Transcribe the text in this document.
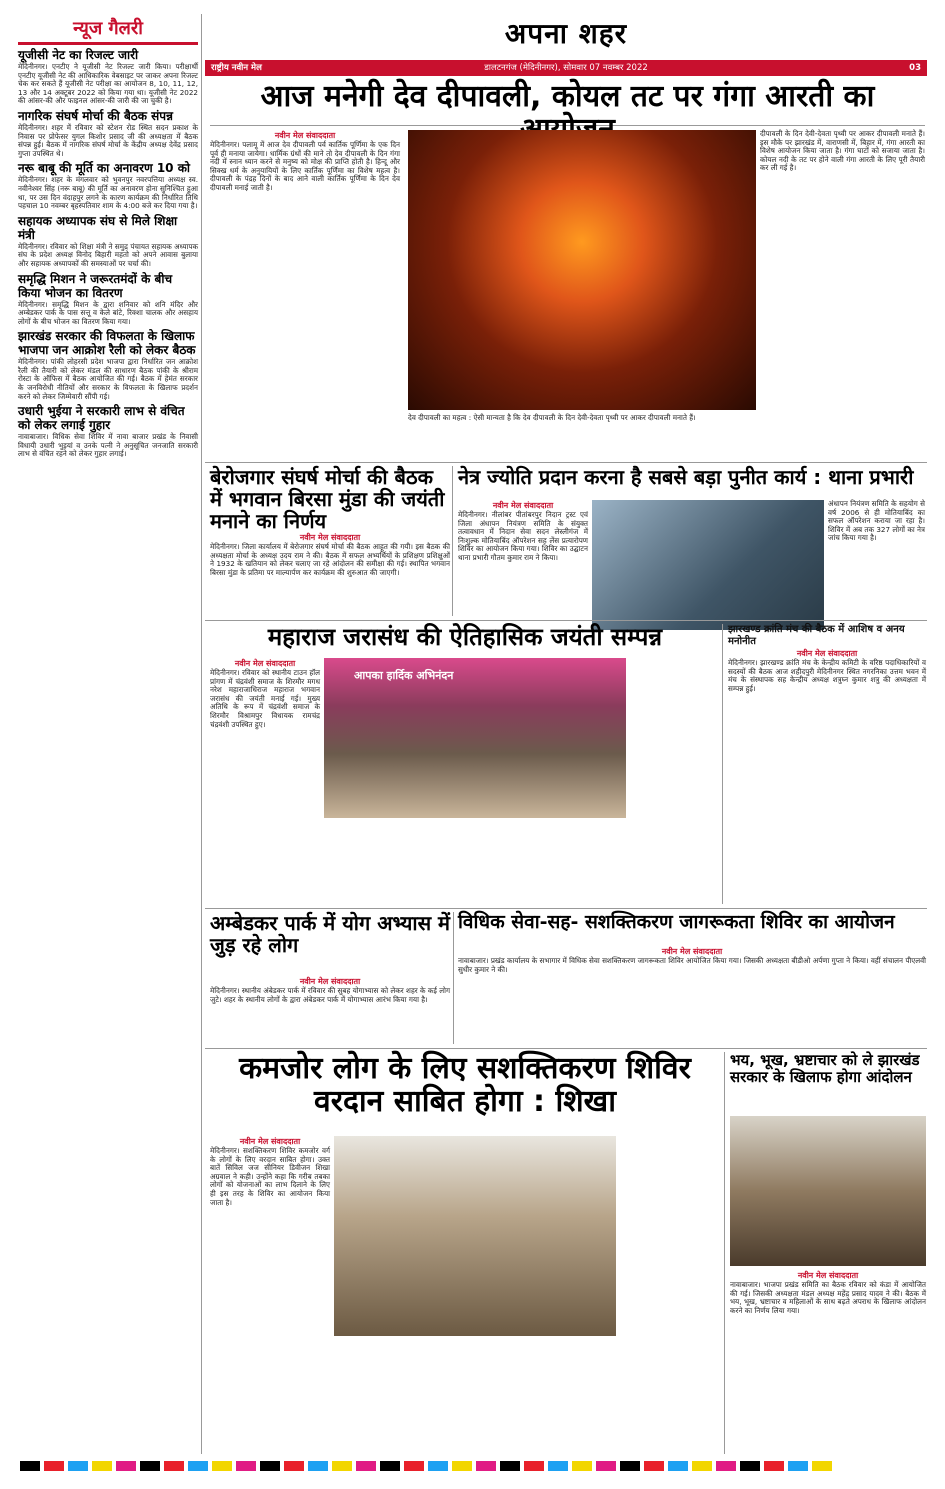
न्यूज गैलरी
यूजीसी नेट का रिजल्ट जारी
मेदिनीनगर। एनटीए ने यूजीसी नेट रिजल्ट जारी किया। परीक्षार्थी एनटीए यूजीसी नेट की आधिकारिक वेबसाइट पर जाकर अपना रिजल्ट चेक कर सकते हैं यूजीसी नेट परीक्षा का आयोजन 8, 10, 11, 12, 13 और 14 अक्टूबर 2022 को किया गया था। यूजीसी नेट 2022 की आंसर-की और फाइनल आंसर-की जारी की जा चुकी है।
नागरिक संघर्ष मोर्चा की बैठक संपन्न
मेदिनीनगर। शहर में रविवार को स्टेशन रोड स्थित सदन प्रकाश के निवास पर प्रोफेसर युगल किशोर प्रसाद जी की अध्यक्षता में बैठक संपन्न हुई। बैठक में नागरिक संघर्ष मोर्चा के केंद्रीय अध्यक्ष देवेंद्र प्रसाद गुप्ता उपस्थित थे।
नरू बाबू की मूर्ति का अनावरण 10 को
मेदिनीनगर। शहर के मंगलवार को भुवनपुर नवरपत्तिया अध्यक्ष स्व. नवीनेश्वर सिंह (नरू बाबू) की मूर्ति का अनावरण होना सुनिश्चित हुआ था, पर उस दिन वंदाहपुर लगने के कारण कार्यक्रम की निर्धारित तिथि पहचाल 10 नवम्बर बृहस्पतिवार शाम के 4:00 बजे कर दिया गया है।
सहायक अध्यापक संघ से मिले शिक्षा मंत्री
मेदिनीनगर। रविवार को शिक्षा मंत्री ने समुद्र पंचायत सहायक अध्यापक संघ के प्रदेश अध्यक्ष विनोद बिहारी महतो को अपने आवास बुलाया और सहायक अध्यापकों की समस्याओं पर चर्चा की।
समृद्धि मिशन ने जरूरतमंदों के बीच किया भोजन का वितरण
मेदिनीनगर। समृद्धि मिशन के द्वारा शनिवार को शनि मंदिर और अम्बेडकर पार्क के पास सत्तू व केले बांटे, रिक्शा चालक और असहाय लोगों के बीच भोजन का वितरण किया गया।
झारखंड सरकार की विफलता के खिलाफ भाजपा जन आक्रोश रैली को लेकर बैठक
मेदिनीनगर। पांकी लोहरसी प्रदेश भाजपा द्वारा निर्धारित जन आक्रोश रैली की तैयारी को लेकर मंडल की साधारण बैठक पांकी के श्रीराम रोस्टा के ऑफिस में बैठक आयोजित की गई। बैठक में हेमंत सरकार के जनविरोधी नीतियों और सरकार के विफलता के खिलाफ प्रदर्शन करने को लेकर जिम्मेवारी सौंपी गई।
उधारी भुईया ने सरकारी लाभ से वंचित को लेकर लगाई गुहार
नावाबाजार। विधिक सेवा शिविर में नावा बाजार प्रखंड के निवासी विधायी उधारी भुइयां व उनके पत्नी ने अनुसूचित जनजाति सरकारी लाभ से वंचित रहने को लेकर गुहार लगाई।
अपना शहर
राष्ट्रीय नवीन मेल	डालटनगंज (मेदिनीनगर), सोमवार 07 नवम्बर 2022	03
आज मनेगी देव दीपावली, कोयल तट पर गंगा आरती का
नवीन मेल संवाददाता
मेदिनीनगर। पलामू में आज देव दीपावली पर्व कार्तिक पूर्णिमा के एक दिन पूर्व ही मनाया जायेगा। धार्मिक ग्रंथों की माने तो देव दीपावली के दिन गंगा नदी में स्नान ध्यान करने से मनुष्य को मोक्ष की प्राप्ति होती है। हिन्दू और सिक्ख धर्म के अनुयायियों के लिए कार्तिक पूर्णिमा का विशेष महत्व है। दीपावली के पंद्रह दिनों के बाद आने वाली कार्तिक पूर्णिमा के दिन देव दीपावली मनाई जाती है।
देव दीपावली का महत्व : ऐसी मान्यता है कि देव दीपावली के दिन देवी-देवता पृथ्वी पर आकर दीपावली मनाते हैं।
दीपावली के दिन देवी-देवता पृथ्वी पर आकर दीपावली मनाते हैं। इस मौके पर झारखंड में, वाराणसी में, बिहार में, गंगा आरती का विशेष आयोजन किया जाता है। गंगा घाटों को सजाया जाता है। कोयल नदी के तट पर होने वाली गंगा आरती के लिए पूरी तैयारी कर ली गई है।
बेरोजगार संघर्ष मोर्चा की बैठक में भगवान बिरसा मुंडा की जयंती मनाने का निर्णय
नवीन मेल संवाददाता
मेदिनीनगर। जिला कार्यालय में बेरोजगार संघर्ष मोर्चा की बैठक आहूत की गयी। इस बैठक की अध्यक्षता मोर्चा के अध्यक्ष उदय राम ने की। बैठक में सफल अभ्यर्थियों के प्रशिक्षण प्रशिक्षुओं ने 1932 के खतियान को लेकर चलाए जा रहे आंदोलन की समीक्षा की गई। स्थापित भगवान बिरसा मुंडा के प्रतिमा पर माल्यार्पण कर कार्यक्रम की शुरुआत की जाएगी।
नेत्र ज्योति प्रदान करना है सबसे बड़ा पुनीत कार्य : थाना प्रभारी
नवीन मेल संवाददाता
मेदिनीनगर। नीलांबर पीतांबरपुर निदान ट्रस्ट एवं जिला अंधापन नियंत्रण समिति के संयुक्त तत्वावधान में निदान सेवा सदन लेस्लीगंज में निःशुल्क मोतियाबिंद ऑपरेशन सह लेंस प्रत्यारोपण शिविर का आयोजन किया गया। शिविर का उद्घाटन थाना प्रभारी गौतम कुमार राम ने किया।
अंधापन नियंत्रण समिति के सहयोग से वर्ष 2006 से ही मोतियाबिंद का सफल ऑपरेशन कराया जा रहा है। शिविर में अब तक 327 लोगों का नेत्र जांच किया गया है।
महाराज जरासंध की ऐतिहासिक जयंती सम्पन्न
नवीन मेल संवाददाता
मेदिनीनगर। रविवार को स्थानीय टाउन हॉल प्रांगण में चंद्रवंशी समाज के शिरमौर मगध नरेश महाराजाधिराज महाराज भगवान जरासंध की जयंती मनाई गई। मुख्य अतिथि के रूप में चंद्रवंशी समाज के शिरमौर विश्रामपुर विधायक रामचंद्र चंद्रवंशी उपस्थित हुए।
आपका हार्दिक अभिनंदन
झारखण्ड क्रांति मंच की बैठक में आशिष व अनय मनोनीत
नवीन मेल संवाददाता
मेदिनीनगर। झारखण्ड क्रांति मंच के केन्द्रीय कमिटी के वरिष्ठ पदाधिकारियों व सदस्यों की बैठक आज शहीदपुरी मेदिनीनगर स्थित नगरनिका उत्तम भवन में मंच के संस्थापक सह केन्द्रीय अध्यक्ष शत्रुघ्न कुमार शत्रु की अध्यक्षता में सम्पन्न हुई।
अम्बेडकर पार्क में योग अभ्यास में जुड़ रहे लोग
नवीन मेल संवाददाता
मेदिनीनगर। स्थानीय अंबेडकर पार्क में रविवार की सुबह योगाभ्यास को लेकर शहर के कई लोग जुटे। शहर के स्थानीय लोगों के द्वारा अंबेडकर पार्क में योगाभ्यास आरंभ किया गया है।
विधिक सेवा-सह- सशक्तिकरण जागरूकता शिविर का आयोजन
नवीन मेल संवाददाता
नावाबाजार। प्रखंड कार्यालय के सभागार में विधिक सेवा सशक्तिकरण जागरूकता शिविर आयोजित किया गया। जिसकी अध्यक्षता बीडीओ अर्पणा गुप्ता ने किया। वहीं संचालन पीएलवी सुधीर कुमार ने की।
कमजोर लोग के लिए सशक्तिकरण शिविर वरदान साबित होगा : शिखा
नवीन मेल संवाददाता
मेदिनीनगर। सशक्तिकरण शिविर कमजोर वर्ग के लोगों के लिए वरदान साबित होगा। उक्त बातें सिविल जज सीनियर डिवीजन शिखा अग्रवाल ने कही। उन्होंने कहा कि गरीब तबका लोगों को योजनाओं का लाभ दिलाने के लिए ही इस तरह के शिविर का आयोजन किया जाता है।
भय, भूख, भ्रष्टाचार को ले झारखंड सरकार के खिलाफ होगा आंदोलन
नवीन मेल संवाददाता
नावाबाजार। भाजपा प्रखंड समिति का बैठक रविवार को कंडा में आयोजित की गई। जिसकी अध्यक्षता मंडल अध्यक्ष महेंद्र प्रसाद यादव ने की। बैठक में भय, भूख, भ्रष्टाचार व महिलाओं के साथ बढ़ते अपराध के खिलाफ आंदोलन करने का निर्णय लिया गया।
